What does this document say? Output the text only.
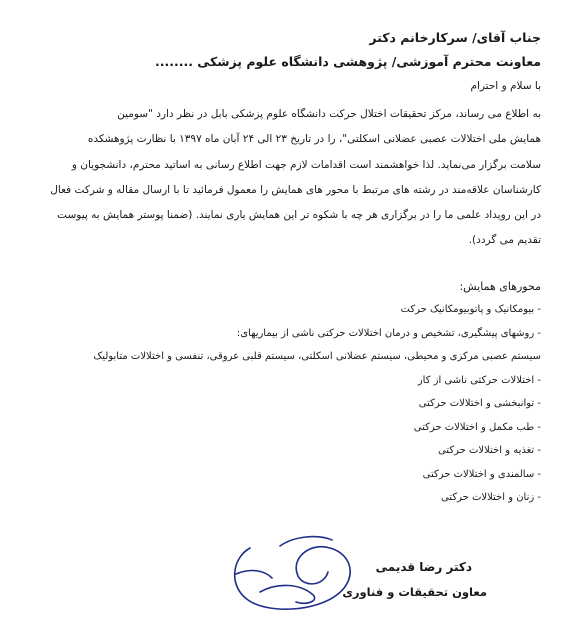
جناب آقای/ سرکارخانم دکتر
معاونت محترم آموزشی/ پژوهشی دانشگاه علوم پزشکی ........
با سلام و احترام

به اطلاع می رساند، مرکز تحقیقات اختلال حرکت دانشگاه علوم پزشکی بابل در نظر دارد "سومین

همایش ملی اختلالات عصبی عضلانی اسکلتی"، را در تاریخ ۲۳ الی ۲۴ آبان ماه ۱۳۹۷ با نظارت پژوهشکده

سلامت برگزار می‌نماید. لذا خواهشمند است اقدامات لازم جهت اطلاع رسانی به اساتید محترم، دانشجویان و

کارشناسان علاقه‌مند در رشته های مرتبط با محور های همایش را معمول فرمائید تا با ارسال مقاله و شرکت فعال

در این رویداد علمی ما را در برگزاری هر چه با شکوه تر این همایش یاری نمایند. (ضمنا پوستر همایش به پیوست

تقدیم می گردد).

محورهای همایش:
- بیومکانیک و پاتوبیومکانیک حرکت
- روشهای پیشگیری، تشخیص و درمان اختلالات حرکتی ناشی از بیماریهای:
سیستم عصبی مرکزی و محیطی، سیستم عضلانی اسکلتی، سیستم قلبی عروقی، تنفسی و اختلالات متابولیک
- اختلالات حرکتی ناشی از کار
- توانبخشی و اختلالات حرکتی
- طب مکمل و اختلالات حرکتی
- تغذیه و اختلالات حرکتی
- سالمندی و اختلالات حرکتی
- زنان و اختلالات حرکتی
دکتر رضا قدیمی
معاون تحقیقات و فناوری
